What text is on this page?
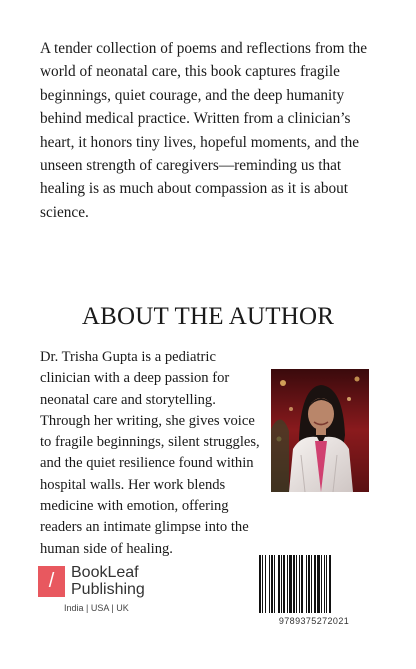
A tender collection of poems and reflections from the world of neonatal care, this book captures fragile beginnings, quiet courage, and the deep humanity behind medical practice. Written from a clinician’s heart, it honors tiny lives, hopeful moments, and the unseen strength of caregivers—reminding us that healing is as much about compassion as it is about science.

ABOUT THE AUTHOR

Dr. Trisha Gupta is a pediatric clinician with a deep passion for neonatal care and storytelling. Through her writing, she gives voice to fragile beginnings, silent struggles, and the quiet resilience found within hospital walls. Her work blends medicine with emotion, offering readers an intimate glimpse into the human side of healing.

/	BookLeaf
Publishing
India | USA | UK
9789375272021
